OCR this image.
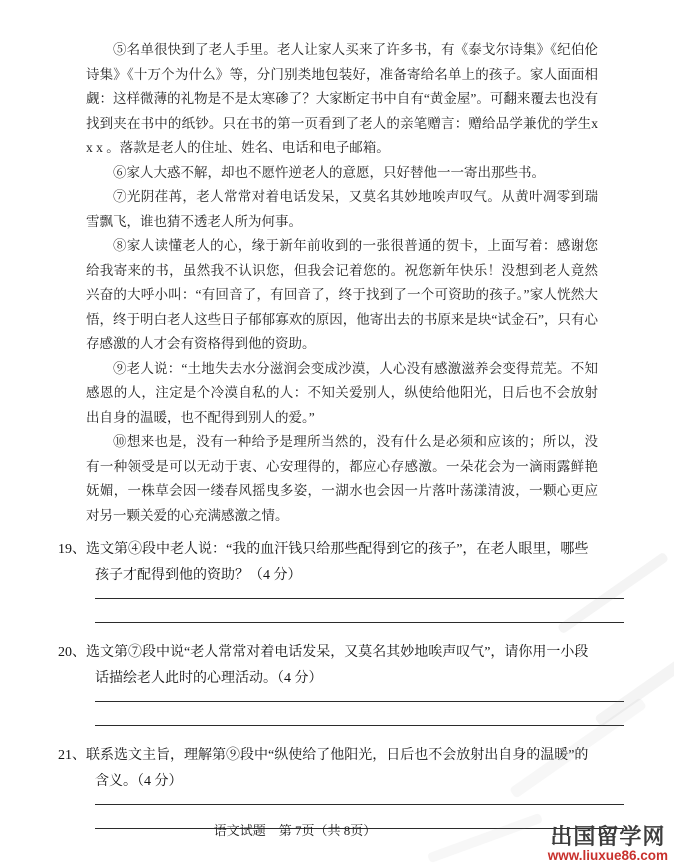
⑤名单很快到了老人手里。老人让家人买来了许多书，有《泰戈尔诗集》《纪伯伦诗集》《十万个为什么》等，分门别类地包装好，准备寄给名单上的孩子。家人面面相觑：这样微薄的礼物是不是太寒碜了？大家断定书中自有“黄金屋”。可翻来覆去也没有找到夹在书中的纸钞。只在书的第一页看到了老人的亲笔赠言：赠给品学兼优的学生x x x 。落款是老人的住址、姓名、电话和电子邮箱。

⑥家人大惑不解，却也不愿忤逆老人的意愿，只好替他一一寄出那些书。

⑦光阴荏苒，老人常常对着电话发呆，又莫名其妙地唉声叹气。从黄叶凋零到瑞雪飘飞，谁也猜不透老人所为何事。

⑧家人读懂老人的心，缘于新年前收到的一张很普通的贺卡，上面写着：感谢您给我寄来的书，虽然我不认识您，但我会记着您的。祝您新年快乐！没想到老人竟然兴奋的大呼小叫：“有回音了，有回音了，终于找到了一个可资助的孩子。”家人恍然大悟，终于明白老人这些日子郁郁寡欢的原因，他寄出去的书原来是块“试金石”，只有心存感激的人才会有资格得到他的资助。

⑨老人说：“土地失去水分滋润会变成沙漠，人心没有感激滋养会变得荒芜。不知感恩的人，注定是个冷漠自私的人：不知关爱别人，纵使给他阳光，日后也不会放射出自身的温暖，也不配得到别人的爱。”

⑩想来也是，没有一种给予是理所当然的，没有什么是必须和应该的；所以，没有一种领受是可以无动于衷、心安理得的，都应心存感激。一朵花会为一滴雨露鲜艳妩媚，一株草会因一缕春风摇曳多姿，一湖水也会因一片落叶荡漾清波，一颗心更应对另一颗关爱的心充满感激之情。

19、选文第④段中老人说：“我的血汗钱只给那些配得到它的孩子”，在老人眼里，哪些孩子才配得到他的资助？（4 分）

20、选文第⑦段中说“老人常常对着电话发呆，又莫名其妙地唉声叹气”，请你用一小段话描绘老人此时的心理活动。（4 分）

21、联系选文主旨，理解第⑨段中“纵使给了他阳光，日后也不会放射出自身的温暖”的含义。（4 分）

语文试题　第 7页（共 8页）	出国留学网
www.liuxue86.com
